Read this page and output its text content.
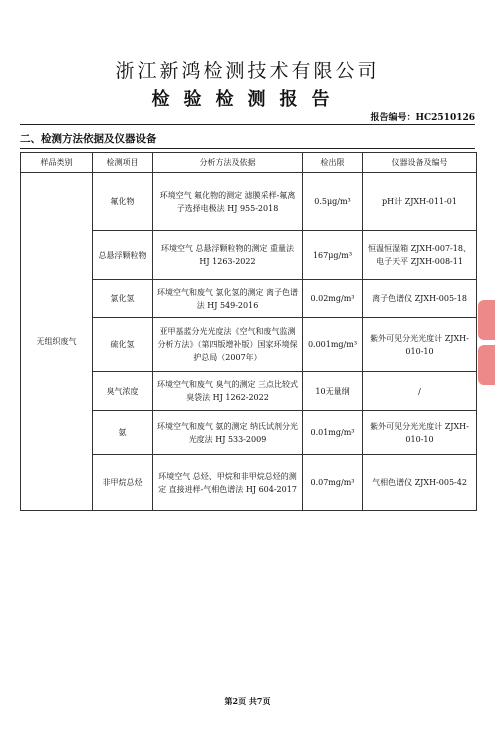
浙江新鸿检测技术有限公司
检验检测报告
报告编号：HC2510126
二、检测方法依据及仪器设备
样品类别	检测项目	分析方法及依据	检出限	仪器设备及编号
无组织废气	氟化物	环境空气 氟化物的测定 滤膜采样-氟离子选择电极法 HJ 955-2018	0.5μg/m³	pH计 ZJXH-011-01
	总悬浮颗粒物	环境空气 总悬浮颗粒物的测定 重量法 HJ 1263-2022	167μg/m³	恒温恒湿箱 ZJXH-007-18、电子天平 ZJXH-008-11
	氯化氢	环境空气和废气 氯化氢的测定 离子色谱法 HJ 549-2016	0.02mg/m³	离子色谱仪 ZJXH-005-18
	硫化氢	亚甲基蓝分光光度法《空气和废气监测分析方法》（第四版增补版）国家环境保护总局（2007年）	0.001mg/m³	紫外可见分光光度计 ZJXH-010-10
	臭气浓度	环境空气和废气 臭气的测定 三点比较式臭袋法 HJ 1262-2022	10无量纲	/
	氨	环境空气和废气 氨的测定 纳氏试剂分光光度法 HJ 533-2009	0.01mg/m³	紫外可见分光光度计 ZJXH-010-10
	非甲烷总烃	环境空气 总烃、甲烷和非甲烷总烃的测定 直接进样-气相色谱法 HJ 604-2017	0.07mg/m³	气相色谱仪 ZJXH-005-42
第2页 共7页
